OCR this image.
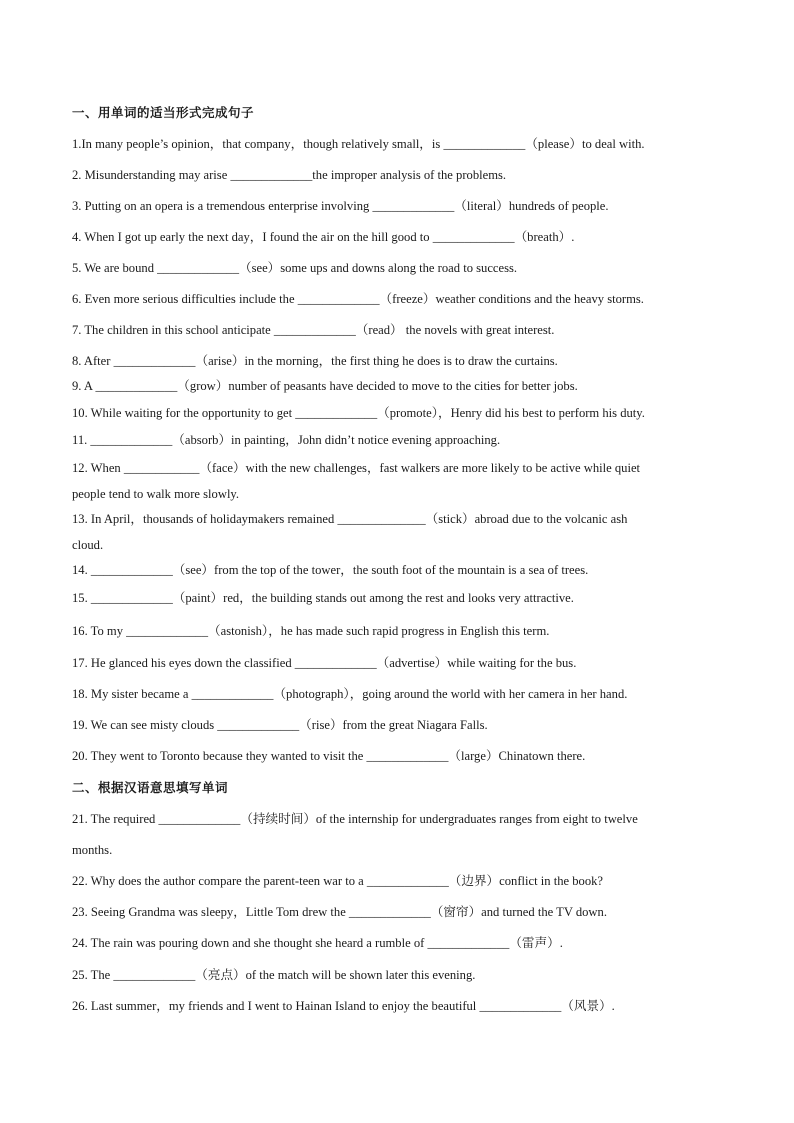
一、用单词的适当形式完成句子
1.In many people’s opinion，that company，though relatively small，is _____________（please）to deal with.
2. Misunderstanding may arise _____________the improper analysis of the problems.
3. Putting on an opera is a tremendous enterprise involving _____________（literal）hundreds of people.
4. When I got up early the next day，I found the air on the hill good to _____________（breath）.
5. We are bound _____________（see）some ups and downs along the road to success.
6. Even more serious difficulties include the _____________（freeze）weather conditions and the heavy storms.
7. The children in this school anticipate _____________（read） the novels with great interest.
8. After _____________（arise）in the morning，the first thing he does is to draw the curtains.
9. A _____________（grow）number of peasants have decided to move to the cities for better jobs.
10. While waiting for the opportunity to get _____________（promote），Henry did his best to perform his duty.
11. _____________（absorb）in painting，John didn’t notice evening approaching.
12. When ____________（face）with the new challenges，fast walkers are more likely to be active while quiet
people tend to walk more slowly.
13. In April，thousands of holidaymakers remained ______________（stick）abroad due to the volcanic ash
cloud.
14. _____________（see）from the top of the tower，the south foot of the mountain is a sea of trees.
15. _____________（paint）red，the building stands out among the rest and looks very attractive.
16. To my _____________（astonish），he has made such rapid progress in English this term.
17. He glanced his eyes down the classified _____________（advertise）while waiting for the bus.
18. My sister became a _____________（photograph），going around the world with her camera in her hand.
19. We can see misty clouds _____________（rise）from the great Niagara Falls.
20. They went to Toronto because they wanted to visit the _____________（large）Chinatown there.
二、根据汉语意思填写单词
21. The required _____________（持续时间）of the internship for undergraduates ranges from eight to twelve
months.
22. Why does the author compare the parent-teen war to a _____________（边界）conflict in the book?
23. Seeing Grandma was sleepy，Little Tom drew the _____________（窗帘）and turned the TV down.
24. The rain was pouring down and she thought she heard a rumble of _____________（雷声）.
25. The _____________（亮点）of the match will be shown later this evening.
26. Last summer，my friends and I went to Hainan Island to enjoy the beautiful _____________（风景）.
